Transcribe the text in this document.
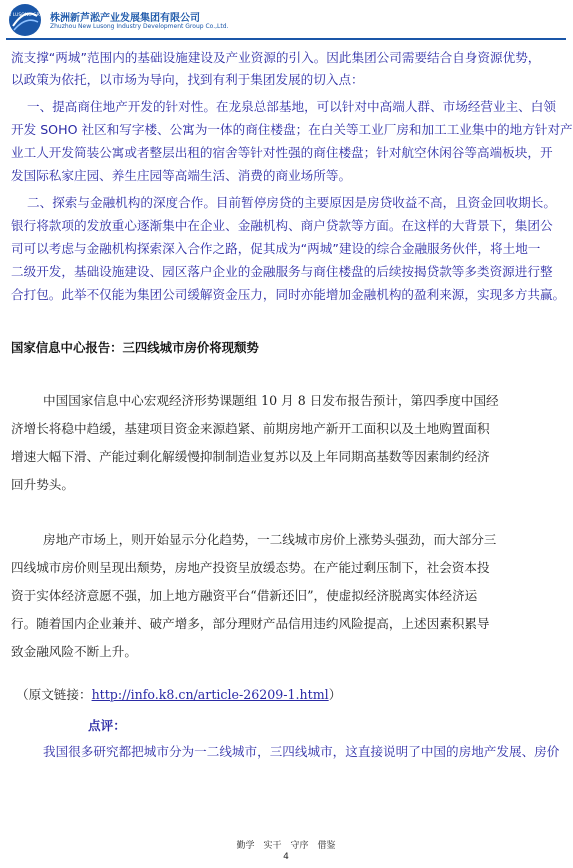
NEW LUSONG GROUP 株洲新芦淞产业发展集团有限公司
Zhuzhou New Lusong Industry Development Group Co.,Ltd.
流支撑“两城”范围内的基础设施建设及产业资源的引入。因此集团公司需要结合自身资源优势，
以政策为依托，以市场为导向，找到有利于集团发展的切入点：
一、提高商住地产开发的针对性。在龙泉总部基地，可以针对中高端人群、市场经营业主、白领
开发 SOHO 社区和写字楼、公寓为一体的商住楼盘；在白关等工业厂房和加工工业集中的地方针对产
业工人开发简装公寓或者整层出租的宿舍等针对性强的商住楼盘；针对航空休闲谷等高端板块，开
发国际私家庄园、养生庄园等高端生活、消费的商业场所等。
二、探索与金融机构的深度合作。目前暂停房贷的主要原因是房贷收益不高，且资金回收期长。
银行将款项的发放重心逐渐集中在企业、金融机构、商户贷款等方面。在这样的大背景下，集团公
司可以考虑与金融机构探索深入合作之路，促其成为“两城”建设的综合金融服务伙伴，将土地一
二级开发，基础设施建设、园区落户企业的金融服务与商住楼盘的后续按揭贷款等多类资源进行整
合打包。此举不仅能为集团公司缓解资金压力，同时亦能增加金融机构的盈利来源，实现多方共赢。
国家信息中心报告：三四线城市房价将现颓势
中国国家信息中心宏观经济形势课题组 10 月 8 日发布报告预计，第四季度中国经
济增长将稳中趋缓，基建项目资金来源趋紧、前期房地产新开工面积以及土地购置面积
增速大幅下滑、产能过剩化解缓慢抑制制造业复苏以及上年同期高基数等因素制约经济
回升势头。
房地产市场上，则开始显示分化趋势，一二线城市房价上涨势头强劲，而大部分三
四线城市房价则呈现出颓势，房地产投资呈放缓态势。在产能过剩压制下，社会资本投
资于实体经济意愿不强，加上地方融资平台“借新还旧”，使虚拟经济脱离实体经济运
行。随着国内企业兼并、破产增多，部分理财产品信用违约风险提高，上述因素积累导
致金融风险不断上升。
（原文链接：http://info.k8.cn/article-26209-1.html）
点评：
我国很多研究都把城市分为一二线城市，三四线城市，这直接说明了中国的房地产发展、房价
勤学　实干　守序　借鉴
4
